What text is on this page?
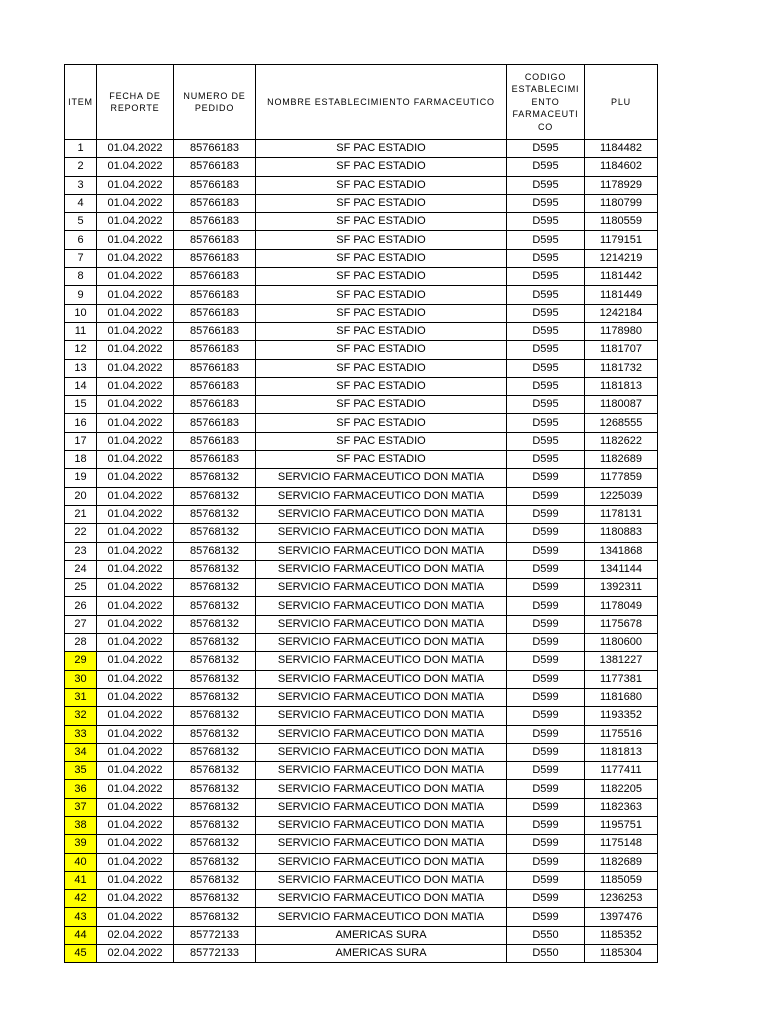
ITEM	FECHA DE REPORTE	NUMERO DE PEDIDO	NOMBRE ESTABLECIMIENTO FARMACEUTICO	CODIGO ESTABLECIMI ENTO FARMACEUTI CO	PLU
1	01.04.2022	85766183	SF PAC ESTADIO	D595	1184482
2	01.04.2022	85766183	SF PAC ESTADIO	D595	1184602
3	01.04.2022	85766183	SF PAC ESTADIO	D595	1178929
4	01.04.2022	85766183	SF PAC ESTADIO	D595	1180799
5	01.04.2022	85766183	SF PAC ESTADIO	D595	1180559
6	01.04.2022	85766183	SF PAC ESTADIO	D595	1179151
7	01.04.2022	85766183	SF PAC ESTADIO	D595	1214219
8	01.04.2022	85766183	SF PAC ESTADIO	D595	1181442
9	01.04.2022	85766183	SF PAC ESTADIO	D595	1181449
10	01.04.2022	85766183	SF PAC ESTADIO	D595	1242184
11	01.04.2022	85766183	SF PAC ESTADIO	D595	1178980
12	01.04.2022	85766183	SF PAC ESTADIO	D595	1181707
13	01.04.2022	85766183	SF PAC ESTADIO	D595	1181732
14	01.04.2022	85766183	SF PAC ESTADIO	D595	1181813
15	01.04.2022	85766183	SF PAC ESTADIO	D595	1180087
16	01.04.2022	85766183	SF PAC ESTADIO	D595	1268555
17	01.04.2022	85766183	SF PAC ESTADIO	D595	1182622
18	01.04.2022	85766183	SF PAC ESTADIO	D595	1182689
19	01.04.2022	85768132	SERVICIO FARMACEUTICO DON MATIA	D599	1177859
20	01.04.2022	85768132	SERVICIO FARMACEUTICO DON MATIA	D599	1225039
21	01.04.2022	85768132	SERVICIO FARMACEUTICO DON MATIA	D599	1178131
22	01.04.2022	85768132	SERVICIO FARMACEUTICO DON MATIA	D599	1180883
23	01.04.2022	85768132	SERVICIO FARMACEUTICO DON MATIA	D599	1341868
24	01.04.2022	85768132	SERVICIO FARMACEUTICO DON MATIA	D599	1341144
25	01.04.2022	85768132	SERVICIO FARMACEUTICO DON MATIA	D599	1392311
26	01.04.2022	85768132	SERVICIO FARMACEUTICO DON MATIA	D599	1178049
27	01.04.2022	85768132	SERVICIO FARMACEUTICO DON MATIA	D599	1175678
28	01.04.2022	85768132	SERVICIO FARMACEUTICO DON MATIA	D599	1180600
29	01.04.2022	85768132	SERVICIO FARMACEUTICO DON MATIA	D599	1381227
30	01.04.2022	85768132	SERVICIO FARMACEUTICO DON MATIA	D599	1177381
31	01.04.2022	85768132	SERVICIO FARMACEUTICO DON MATIA	D599	1181680
32	01.04.2022	85768132	SERVICIO FARMACEUTICO DON MATIA	D599	1193352
33	01.04.2022	85768132	SERVICIO FARMACEUTICO DON MATIA	D599	1175516
34	01.04.2022	85768132	SERVICIO FARMACEUTICO DON MATIA	D599	1181813
35	01.04.2022	85768132	SERVICIO FARMACEUTICO DON MATIA	D599	1177411
36	01.04.2022	85768132	SERVICIO FARMACEUTICO DON MATIA	D599	1182205
37	01.04.2022	85768132	SERVICIO FARMACEUTICO DON MATIA	D599	1182363
38	01.04.2022	85768132	SERVICIO FARMACEUTICO DON MATIA	D599	1195751
39	01.04.2022	85768132	SERVICIO FARMACEUTICO DON MATIA	D599	1175148
40	01.04.2022	85768132	SERVICIO FARMACEUTICO DON MATIA	D599	1182689
41	01.04.2022	85768132	SERVICIO FARMACEUTICO DON MATIA	D599	1185059
42	01.04.2022	85768132	SERVICIO FARMACEUTICO DON MATIA	D599	1236253
43	01.04.2022	85768132	SERVICIO FARMACEUTICO DON MATIA	D599	1397476
44	02.04.2022	85772133	AMERICAS SURA	D550	1185352
45	02.04.2022	85772133	AMERICAS SURA	D550	1185304
